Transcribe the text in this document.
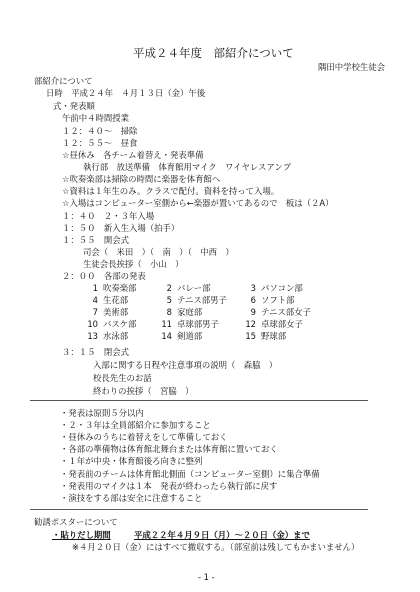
平成２４年度　部紹介について
隅田中学校生徒会
部紹介について
日時　平成２４年　４月１３日（金）午後
式・発表順
午前中４時間授業
１２：４０～　掃除
１２：５５～　昼食
☆昼休み　各チーム着替え・発表準備
執行部　放送準備　体育館用マイク　ワイヤレスアンプ
☆吹奏楽部は掃除の時間に楽器を体育館へ
☆資料は１年生のみ。クラスで配付。資料を持って入場。
☆入場はコンピューター室側から←楽器が置いてあるので　板は（２A）
１：４０　２・３年入場
１：５０　新入生入場（拍手）
１：５５　開会式
司会（　米田　）（　南　）（　中西　）
生徒会長挨拶（　小山　）
２：００　各部の発表
1 吹奏楽部	2 バレー部	3 パソコン部
4 生花部	5 テニス部男子	6 ソフト部
7 美術部	8 家庭部	9 テニス部女子
10 バスケ部	11 卓球部男子	12 卓球部女子
13 水泳部	14 剣道部	15 野球部
３：１５　閉会式
入部に関する日程や注意事項の説明（　森脇　）
校長先生のお話
終わりの挨拶（　宮脇　）
・発表は原則５分以内
・２・３年は全員部紹介に参加すること
・昼休みのうちに着替えをして準備しておく
・各部の準備物は体育館北舞台または体育館に置いておく
・１年が中央・体育館後ろ向きに整列
・発表前のチームは体育館北側面（コンピューター室側）に集合準備
・発表用のマイクは１本　発表が終わったら執行部に戻す
・演技をする部は安全に注意すること
勧誘ポスターについて
・貼りだし期間	平成２２年４月９日（月）～２０日（金）まで
※４月２０日（金）にはすべて撤収する。（部室前は残してもかまいません）
- 1 -
